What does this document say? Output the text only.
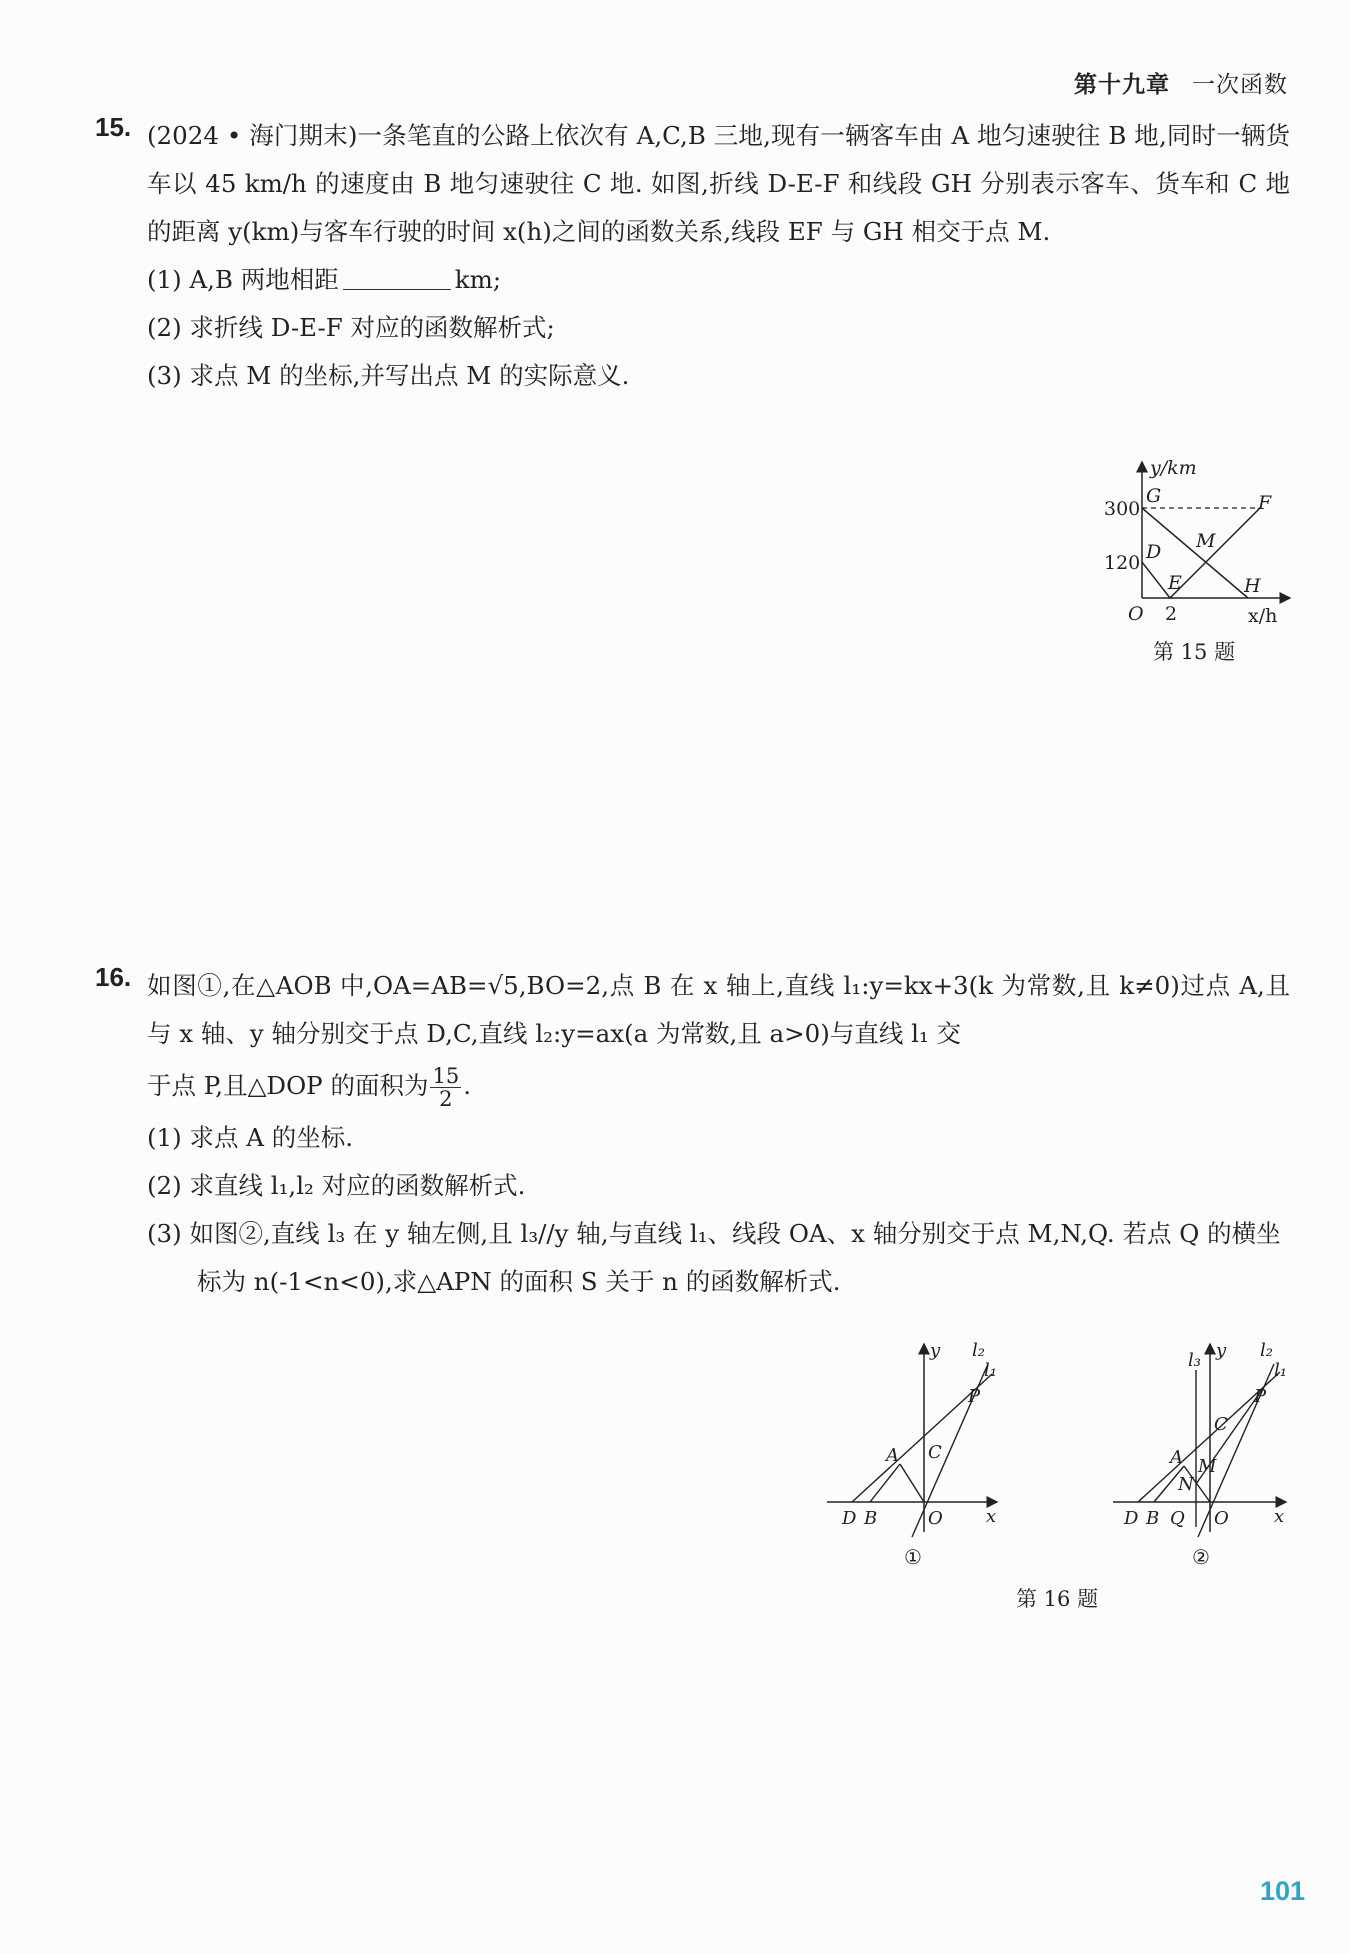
第十九章 一次函数
15. (2024 • 海门期末)一条笔直的公路上依次有 A,C,B 三地,现有一辆客车由 A 地匀速驶往 B 地,同时一辆货车以 45 km/h 的速度由 B 地匀速驶往 C 地. 如图,折线 D-E-F 和线段 GH 分别表示客车、货车和 C 地的距离 y(km)与客车行驶的时间 x(h)之间的函数关系,线段 EF 与 GH 相交于点 M.
(1) A,B 两地相距	km;
(2) 求折线 D-E-F 对应的函数解析式;
(3) 求点 M 的坐标,并写出点 M 的实际意义.
y/km
x/h
300
120
2
O
G	F
D
E
M
H
第 15 题
16. 如图①,在△AOB 中,OA=AB=√5,BO=2,点 B 在 x 轴上,直线 l₁:y=kx+3(k 为常数,且 k≠0)过点 A,且与 x 轴、y 轴分别交于点 D,C,直线 l₂:y=ax(a 为常数,且 a>0)与直线 l₁ 交
于点 P,且△DOP 的面积为 $\frac{15}{2}$ .
(1) 求点 A 的坐标.
(2) 求直线 l₁,l₂ 对应的函数解析式.
(3) 如图②,直线 l₃ 在 y 轴左侧,且 l₃//y 轴,与直线 l₁、线段 OA、x 轴分别交于点 M,N,Q. 若点 Q 的横坐标为 n(-1<n<0),求△APN 的面积 S 关于 n 的函数解析式.
y
x
l₂
l₁
P
A C
D B	O
①
y
x
l₃	l₂
l₁
P
C
A M
N
D B Q O
②
第 16 题
101
